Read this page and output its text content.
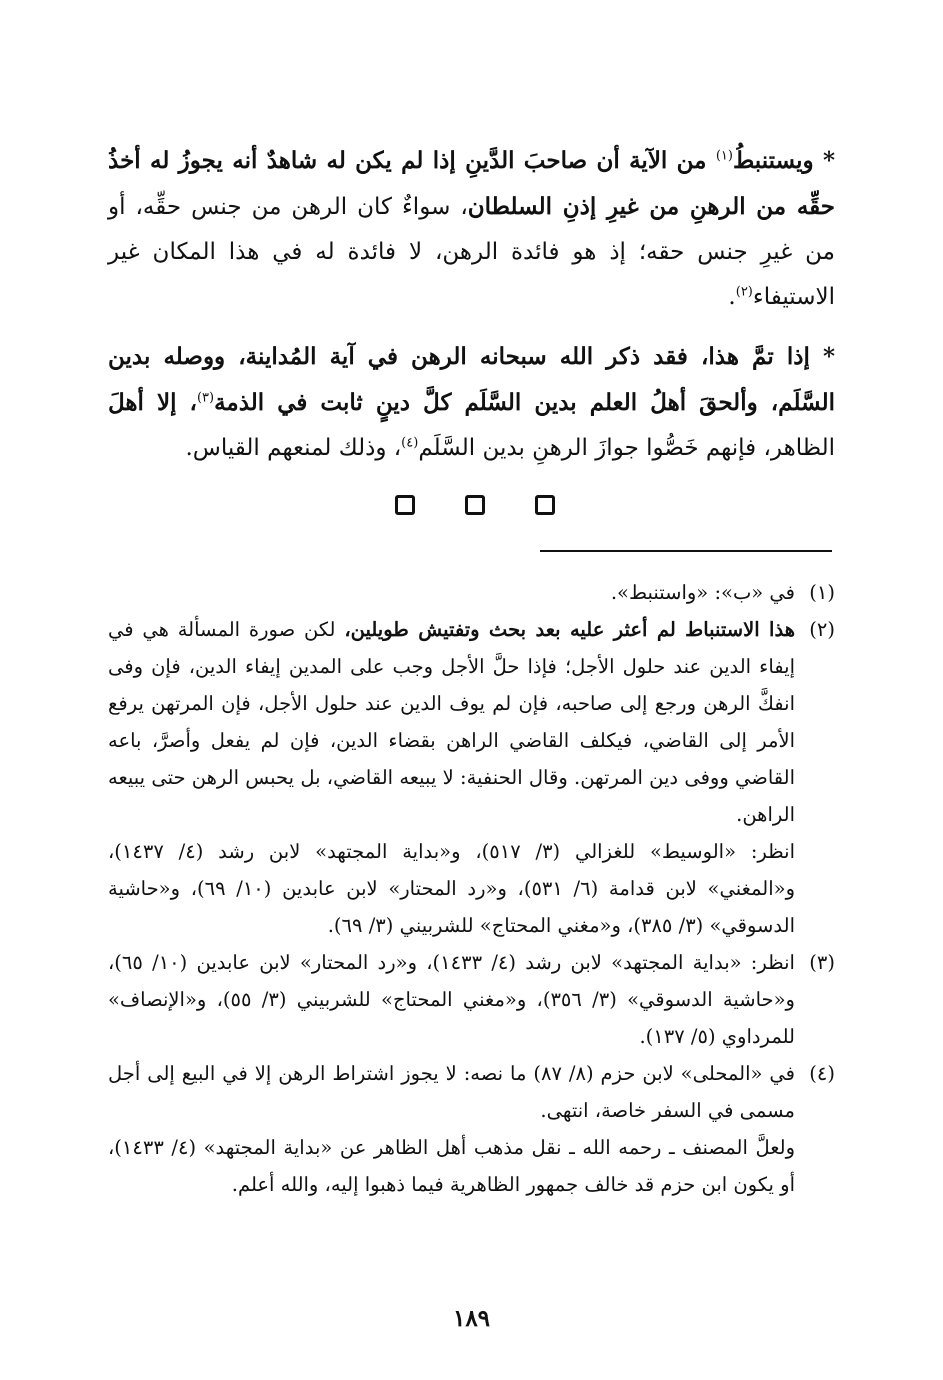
* ويستنبطُ$^{(١)}$ من الآية أن صاحبَ الدَّينِ إذا لم يكن له شاهدٌ أنه يجوزُ له أخذُ حقِّه من الرهنِ من غيرِ إذنِ السلطان، سواءٌ كان الرهن من جنس حقِّه، أو من غيرِ جنس حقه؛ إذ هو فائدة الرهن، لا فائدة له في هذا المكان غير الاستيفاء$^{(٢)}$.

* إذا تمَّ هذا، فقد ذكر الله سبحانه الرهن في آية المُداينة، ووصله بدين السَّلَم، وألحقَ أهلُ العلم بدين السَّلَم كلَّ دينٍ ثابت في الذمة$^{(٣)}$، إلا أهلَ الظاهر، فإنهم خَصُّوا جوازَ الرهنِ بدين السَّلَم$^{(٤)}$، وذلك لمنعهم القياس.

(١)

في «ب»: «واستنبط».

(٢)

هذا الاستنباط لم أعثر عليه بعد بحث وتفتيش طويلين، لكن صورة المسألة هي في إيفاء الدين عند حلول الأجل؛ فإذا حلَّ الأجل وجب على المدين إيفاء الدين، فإن وفى انفكَّ الرهن ورجع إلى صاحبه، فإن لم يوف الدين عند حلول الأجل، فإن المرتهن يرفع الأمر إلى القاضي، فيكلف القاضي الراهن بقضاء الدين، فإن لم يفعل وأصرَّ، باعه القاضي ووفى دين المرتهن. وقال الحنفية: لا يبيعه القاضي، بل يحبس الرهن حتى يبيعه الراهن.

انظر: «الوسيط» للغزالي (٣/ ٥١٧)، و«بداية المجتهد» لابن رشد (٤/ ١٤٣٧)، و«المغني» لابن قدامة (٦/ ٥٣١)، و«رد المحتار» لابن عابدين (١٠/ ٦٩)، و«حاشية الدسوقي» (٣/ ٣٨٥)، و«مغني المحتاج» للشربيني (٣/ ٦٩).

(٣)

انظر: «بداية المجتهد» لابن رشد (٤/ ١٤٣٣)، و«رد المحتار» لابن عابدين (١٠/ ٦٥)، و«حاشية الدسوقي» (٣/ ٣٥٦)، و«مغني المحتاج» للشربيني (٣/ ٥٥)، و«الإنصاف» للمرداوي (٥/ ١٣٧).

(٤)

في «المحلى» لابن حزم (٨/ ٨٧) ما نصه: لا يجوز اشتراط الرهن إلا في البيع إلى أجل مسمى في السفر خاصة، انتهى.

ولعلَّ المصنف ـ رحمه الله ـ نقل مذهب أهل الظاهر عن «بداية المجتهد» (٤/ ١٤٣٣)، أو يكون ابن حزم قد خالف جمهور الظاهرية فيما ذهبوا إليه، والله أعلم.

١٨٩
